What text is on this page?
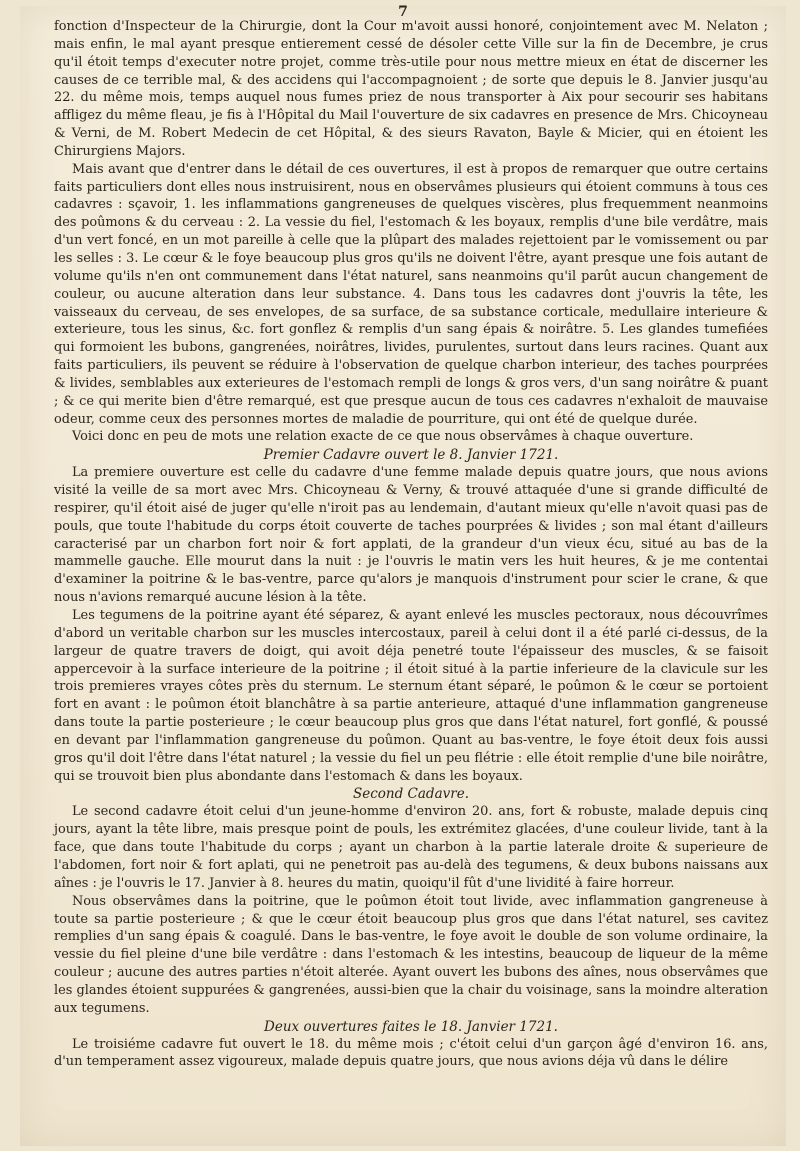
7

fonction d'Inspecteur de la Chirurgie, dont la Cour m'avoit aussi honoré, conjointement avec M. Nelaton ; mais enfin, le mal ayant presque entierement cessé de désoler cette Ville sur la fin de Decembre, je crus qu'il étoit temps d'executer notre projet, comme très-utile pour nous mettre mieux en état de discerner les causes de ce terrible mal, & des accidens qui l'accompagnoient ; de sorte que depuis le 8. Janvier jusqu'au 22. du même mois, temps auquel nous fumes priez de nous transporter à Aix pour secourir ses habitans affligez du même fleau, je fis à l'Hôpital du Mail l'ouverture de six cadavres en presence de Mrs. Chicoyneau & Verni, de M. Robert Medecin de cet Hôpital, & des sieurs Ravaton, Bayle & Micier, qui en étoient les Chirurgiens Majors.

Mais avant que d'entrer dans le détail de ces ouvertures, il est à propos de remarquer que outre certains faits particuliers dont elles nous instruisirent, nous en observâmes plusieurs qui étoient communs à tous ces cadavres : sçavoir, 1. les inflammations gangreneuses de quelques viscères, plus frequemment neanmoins des poûmons & du cerveau : 2. La vessie du fiel, l'estomach & les boyaux, remplis d'une bile verdâtre, mais d'un vert foncé, en un mot pareille à celle que la plûpart des malades rejettoient par le vomissement ou par les selles : 3. Le cœur & le foye beaucoup plus gros qu'ils ne doivent l'être, ayant presque une fois autant de volume qu'ils n'en ont communement dans l'état naturel, sans neanmoins qu'il parût aucun changement de couleur, ou aucune alteration dans leur substance. 4. Dans tous les cadavres dont j'ouvris la tête, les vaisseaux du cerveau, de ses envelopes, de sa surface, de sa substance corticale, medullaire interieure & exterieure, tous les sinus, &c. fort gonflez & remplis d'un sang épais & noirâtre. 5. Les glandes tumefiées qui formoient les bubons, gangrenées, noirâtres, livides, purulentes, surtout dans leurs racines. Quant aux faits particuliers, ils peuvent se réduire à l'observation de quelque charbon interieur, des taches pourprées & livides, semblables aux exterieures de l'estomach rempli de longs & gros vers, d'un sang noirâtre & puant ; & ce qui merite bien d'être remarqué, est que presque aucun de tous ces cadavres n'exhaloit de mauvaise odeur, comme ceux des personnes mortes de maladie de pourriture, qui ont été de quelque durée.

Voici donc en peu de mots une relation exacte de ce que nous observâmes à chaque ouverture.

Premier Cadavre ouvert le 8. Janvier 1721.

La premiere ouverture est celle du cadavre d'une femme malade depuis quatre jours, que nous avions visité la veille de sa mort avec Mrs. Chicoyneau & Verny, & trouvé attaquée d'une si grande difficulté de respirer, qu'il étoit aisé de juger qu'elle n'iroit pas au lendemain, d'autant mieux qu'elle n'avoit quasi pas de pouls, que toute l'habitude du corps étoit couverte de taches pourprées & livides ; son mal étant d'ailleurs caracterisé par un charbon fort noir & fort applati, de la grandeur d'un vieux écu, situé au bas de la mammelle gauche. Elle mourut dans la nuit : je l'ouvris le matin vers les huit heures, & je me contentai d'examiner la poitrine & le bas-ventre, parce qu'alors je manquois d'instrument pour scier le crane, & que nous n'avions remarqué aucune lésion à la tête.

Les tegumens de la poitrine ayant été séparez, & ayant enlevé les muscles pectoraux, nous découvrîmes d'abord un veritable charbon sur les muscles intercostaux, pareil à celui dont il a été parlé ci-dessus, de la largeur de quatre travers de doigt, qui avoit déja penetré toute l'épaisseur des muscles, & se faisoit appercevoir à la surface interieure de la poitrine ; il étoit situé à la partie inferieure de la clavicule sur les trois premieres vrayes côtes près du sternum. Le sternum étant séparé, le poûmon & le cœur se portoient fort en avant : le poûmon étoit blanchâtre à sa partie anterieure, attaqué d'une inflammation gangreneuse dans toute la partie posterieure ; le cœur beaucoup plus gros que dans l'état naturel, fort gonflé, & poussé en devant par l'inflammation gangreneuse du poûmon. Quant au bas-ventre, le foye étoit deux fois aussi gros qu'il doit l'être dans l'état naturel ; la vessie du fiel un peu flétrie : elle étoit remplie d'une bile noirâtre, qui se trouvoit bien plus abondante dans l'estomach & dans les boyaux.

Second Cadavre.

Le second cadavre étoit celui d'un jeune-homme d'environ 20. ans, fort & robuste, malade depuis cinq jours, ayant la tête libre, mais presque point de pouls, les extrémitez glacées, d'une couleur livide, tant à la face, que dans toute l'habitude du corps ; ayant un charbon à la partie laterale droite & superieure de l'abdomen, fort noir & fort aplati, qui ne penetroit pas au-delà des tegumens, & deux bubons naissans aux aînes : je l'ouvris le 17. Janvier à 8. heures du matin, quoiqu'il fût d'une lividité à faire horreur.

Nous observâmes dans la poitrine, que le poûmon étoit tout livide, avec inflammation gangreneuse à toute sa partie posterieure ; & que le cœur étoit beaucoup plus gros que dans l'état naturel, ses cavitez remplies d'un sang épais & coagulé. Dans le bas-ventre, le foye avoit le double de son volume ordinaire, la vessie du fiel pleine d'une bile verdâtre : dans l'estomach & les intestins, beaucoup de liqueur de la même couleur ; aucune des autres parties n'étoit alterée. Ayant ouvert les bubons des aînes, nous observâmes que les glandes étoient suppurées & gangrenées, aussi-bien que la chair du voisinage, sans la moindre alteration aux tegumens.

Deux ouvertures faites le 18. Janvier 1721.

Le troisiéme cadavre fut ouvert le 18. du même mois ; c'étoit celui d'un garçon âgé d'environ 16. ans, d'un temperament assez vigoureux, malade depuis quatre jours, que nous avions déja vû dans le délire
